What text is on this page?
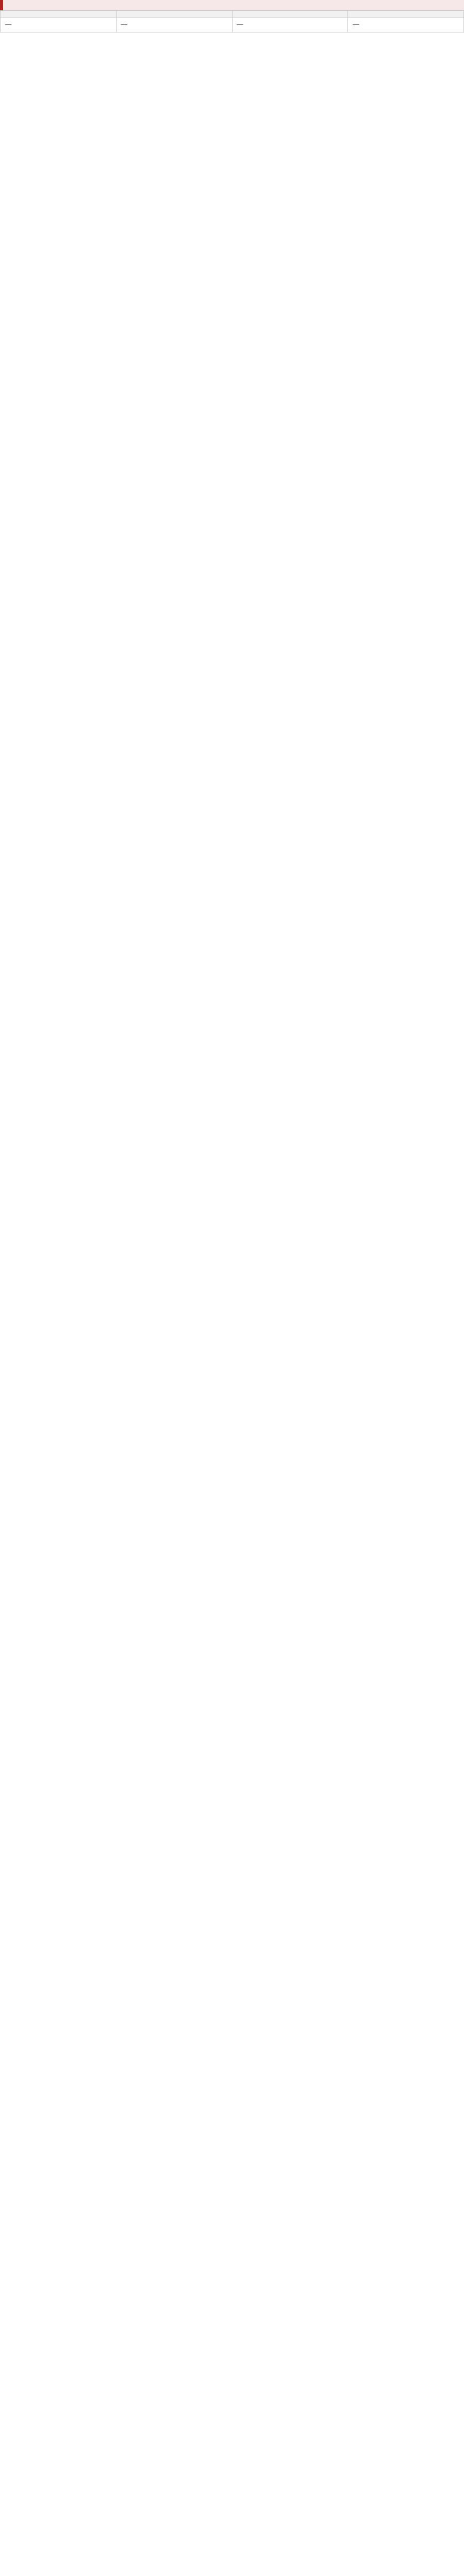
—	—	—	—
